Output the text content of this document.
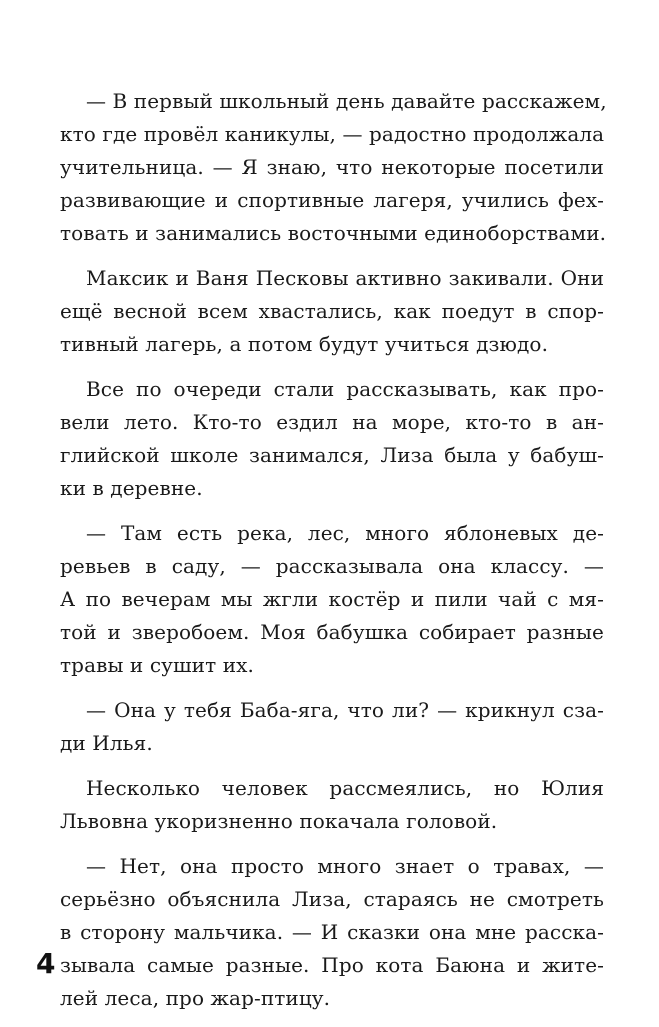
— В первый школьный день давайте расскажем,
кто где провёл каникулы, — радостно продолжала
учительница. — Я знаю, что некоторые посетили
развивающие и спортивные лагеря, учились фех-
товать и занимались восточными единоборствами.
Максик и Ваня Песковы активно закивали. Они
ещё весной всем хвастались, как поедут в спор-
тивный лагерь, а потом будут учиться дзюдо.
Все по очереди стали рассказывать, как про-
вели лето. Кто-то ездил на море, кто-то в ан-
глийской школе занимался, Лиза была у бабуш-
ки в деревне.
— Там есть река, лес, много яблоневых де-
ревьев в саду, — рассказывала она классу. —
А по вечерам мы жгли костёр и пили чай с мя-
той и зверобоем. Моя бабушка собирает разные
травы и сушит их.
— Она у тебя Баба-яга, что ли? — крикнул сза-
ди Илья.
Несколько человек рассмеялись, но Юлия
Львовна укоризненно покачала головой.
— Нет, она просто много знает о травах, —
серьёзно объяснила Лиза, стараясь не смотреть
в сторону мальчика. — И сказки она мне расска-
зывала самые разные. Про кота Баюна и жите-
лей леса, про жар-птицу.
4
